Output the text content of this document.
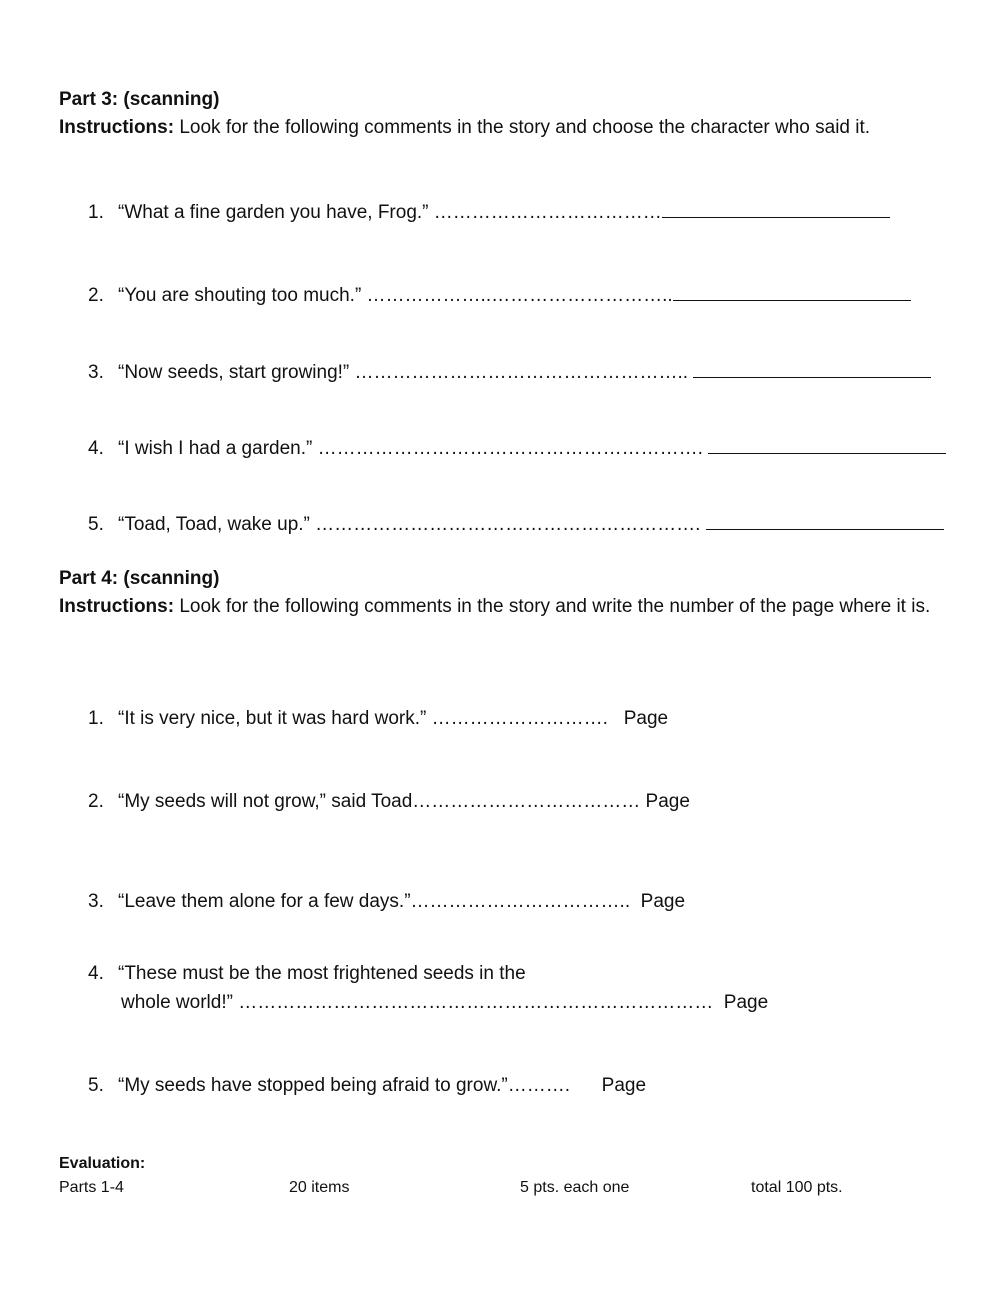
Part 3: (scanning)
Instructions: Look for the following comments in the story and choose the character who said it.
1. “What a fine garden you have, Frog.” ………………………………
2. “You are shouting too much.” ………………..………………………..
3. “Now seeds, start growing!” ……………………………………………..
4. “I wish I had a garden.” …………………………………………………….
5. “Toad, Toad, wake up.” …………………………………………………….
Part 4: (scanning)
Instructions: Look for the following comments in the story and write the number of the page where it is.
1. “It is very nice, but it was hard work.” ……………………….   Page
2. “My seeds will not grow,” said Toad……………………………… Page
3. “Leave them alone for a few days.”……………………………..  Page
4. “These must be the most frightened seeds in the
whole world!” …………………………………………………………………  Page
5. “My seeds have stopped being afraid to grow.”……….      Page
Evaluation:
Parts 1-4	20 items	5 pts. each one	total 100 pts.
